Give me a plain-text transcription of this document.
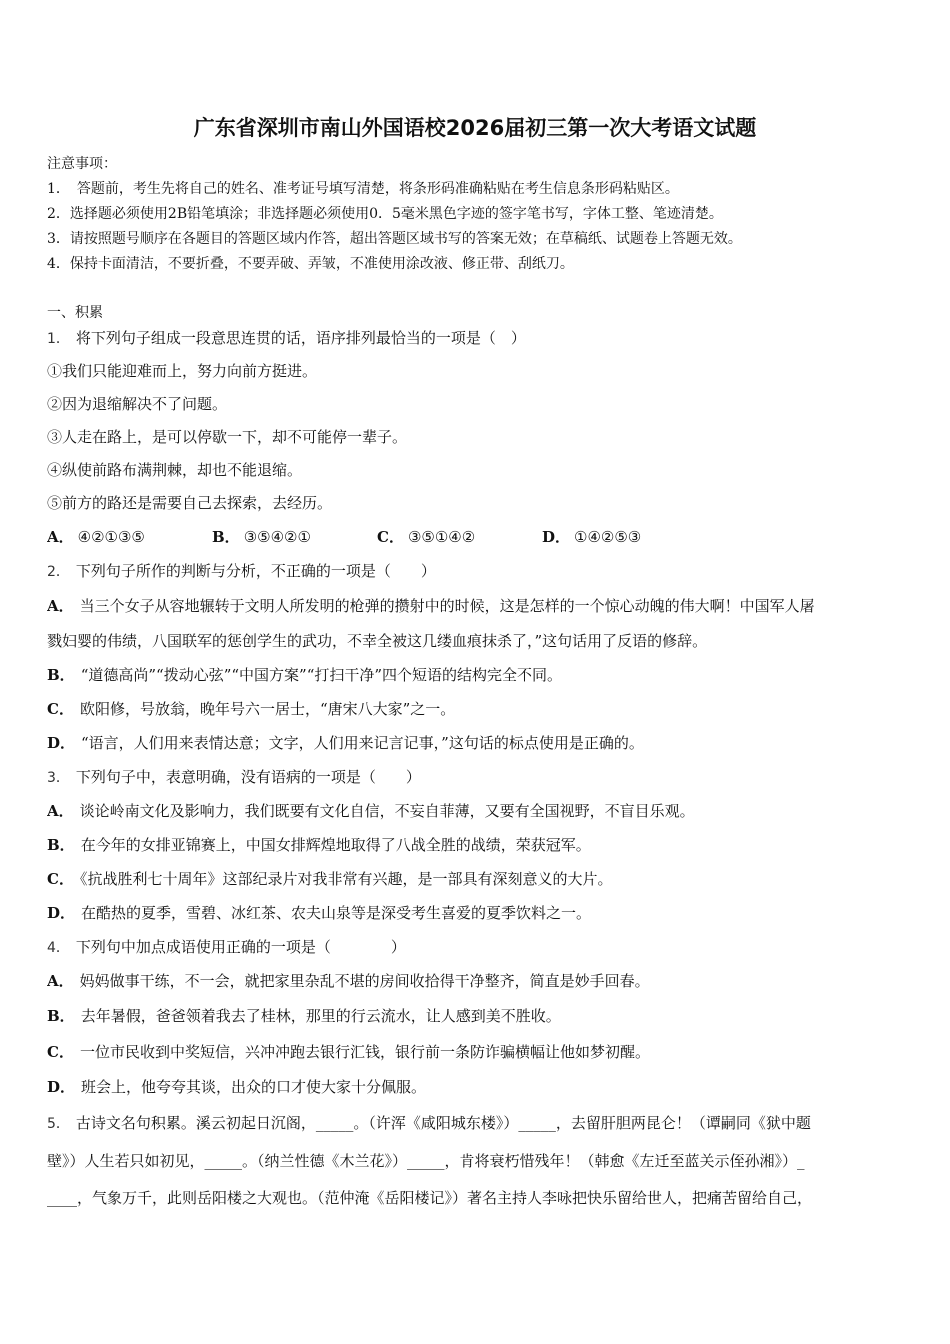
广东省深圳市南山外国语校2026届初三第一次大考语文试题
注意事项：
1．　答题前，考生先将自己的姓名、准考证号填写清楚，将条形码准确粘贴在考生信息条形码粘贴区。
2．选择题必须使用2B铅笔填涂；非选择题必须使用0．5毫米黑色字迹的签字笔书写，字体工整、笔迹清楚。
3．请按照题号顺序在各题目的答题区域内作答，超出答题区域书写的答案无效；在草稿纸、试题卷上答题无效。
4．保持卡面清洁，不要折叠，不要弄破、弄皱，不准使用涂改液、修正带、刮纸刀。
一、积累
1． 将下列句子组成一段意思连贯的话，语序排列最恰当的一项是（　）
①我们只能迎难而上，努力向前方挺进。
②因为退缩解决不了问题。
③人走在路上，是可以停歇一下，却不可能停一辈子。
④纵使前路布满荆棘，却也不能退缩。
⑤前方的路还是需要自己去探索，去经历。
A． ④②①③⑤	B． ③⑤④②①	C． ③⑤①④②	D． ①④②⑤③
2． 下列句子所作的判断与分析，不正确的一项是（　　）
A． 当三个女子从容地辗转于文明人所发明的枪弹的攒射中的时候，这是怎样的一个惊心动魄的伟大啊！中国军人屠
戮妇婴的伟绩，八国联军的惩创学生的武功，不幸全被这几缕血痕抹杀了，”这句话用了反语的修辞。
B． “道德高尚”“拨动心弦”“中国方案”“打扫干净”四个短语的结构完全不同。
C． 欧阳修，号放翁，晚年号六一居士，“唐宋八大家”之一。
D． “语言，人们用来表情达意；文字，人们用来记言记事，”这句话的标点使用是正确的。
3． 下列句子中，表意明确，没有语病的一项是（　　）
A． 谈论岭南文化及影响力，我们既要有文化自信，不妄自菲薄，又要有全国视野，不盲目乐观。
B． 在今年的女排亚锦赛上，中国女排辉煌地取得了八战全胜的战绩，荣获冠军。
C． 《抗战胜利七十周年》这部纪录片对我非常有兴趣，是一部具有深刻意义的大片。
D． 在酷热的夏季，雪碧、冰红茶、农夫山泉等是深受考生喜爱的夏季饮料之一。
4． 下列句中加点成语使用正确的一项是（　　　　）
A． 妈妈做事干练，不一会，就把家里杂乱不堪的房间收拾得干净整齐，简直是妙手回春。
B． 去年暑假，爸爸领着我去了桂林，那里的行云流水，让人感到美不胜收。
C． 一位市民收到中奖短信，兴冲冲跑去银行汇钱，银行前一条防诈骗横幅让他如梦初醒。
D． 班会上，他夸夸其谈，出众的口才使大家十分佩服。
5． 古诗文名句积累。溪云初起日沉阁，_____。（许浑《咸阳城东楼》）_____，去留肝胆两昆仑！（谭嗣同《狱中题
壁》）人生若只如初见，_____。（纳兰性德《木兰花》）_____，肯将衰朽惜残年！（韩愈《左迁至蓝关示侄孙湘》）_
____，气象万千，此则岳阳楼之大观也。（范仲淹《岳阳楼记》）著名主持人李咏把快乐留给世人，把痛苦留给自己，
